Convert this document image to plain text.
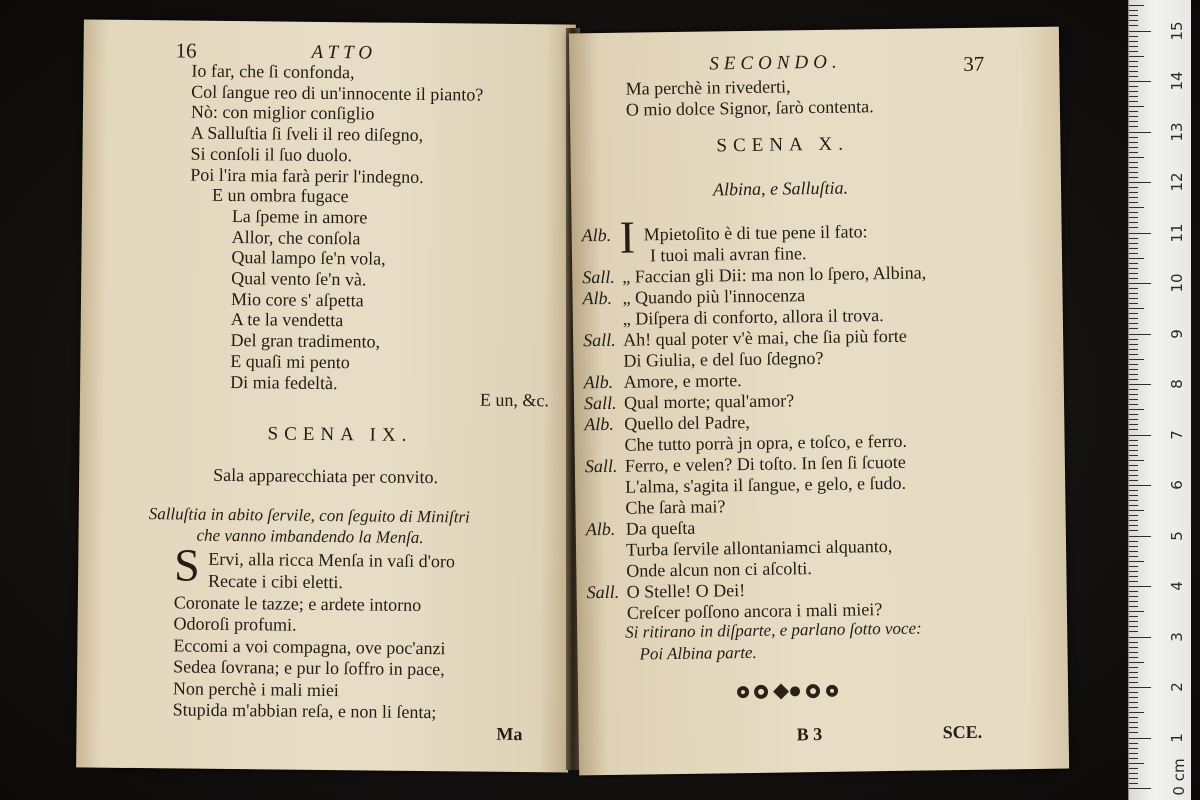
16	ATTO
Io far, che ſi confonda,
Col ſangue reo di un'innocente il pianto?
Nò: con miglior conſiglio
A Salluſtia ſi ſveli il reo diſegno,
Si conſoli il ſuo duolo.
Poi l'ira mia farà perir l'indegno.
E un ombra fugace
La ſpeme in amore
Allor, che conſola
Qual lampo ſe'n vola,
Qual vento ſe'n và.
Mio core s' aſpetta
A te la vendetta
Del gran tradimento,
E quaſi mi pento
Di mia fedeltà.
E un, &c.
SCENA IX.
Sala apparecchiata per convito.
Salluſtia in abito ſervile, con ſeguito di Miniſtri
che vanno imbandendo la Menſa.
S Ervi, alla ricca Menſa in vaſi d'oro
Recate i cibi eletti.
Coronate le tazze; e ardete intorno
Odoroſi profumi.
Eccomi a voi compagna, ove poc'anzi
Sedea ſovrana; e pur lo ſoffro in pace,
Non perchè i mali miei
Stupida m'abbian reſa, e non li ſenta;
Ma
SECONDO.	37
Ma perchè in rivederti,
O mio dolce Signor, ſarò contenta.
SCENA X.
Albina, e Salluſtia.
I
Alb. Mpietoſito è di tue pene il fato:
I tuoi mali avran fine.
Sall. „ Faccian gli Dii: ma non lo ſpero, Albina,
Alb. „ Quando più l'innocenza
„ Diſpera di conforto, allora il trova.
Sall. Ah! qual poter v'è mai, che ſia più forte
Di Giulia, e del ſuo ſdegno?
Alb. Amore, e morte.
Sall. Qual morte; qual'amor?
Alb. Quello del Padre,
Che tutto porrà jn opra, e toſco, e ferro.
Sall. Ferro, e velen? Di toſto. In ſen ſi ſcuote
L'alma, s'agita il ſangue, e gelo, e ſudo.
Che ſarà mai?
Alb. Da queſta
Turba ſervile allontaniamci alquanto,
Onde alcun non ci aſcolti.
Sall. O Stelle! O Dei!
Creſcer poſſono ancora i mali miei?
Si ritirano in diſparte, e parlano ſotto voce:
Poi Albina parte.
B 3	SCE.
0 cm
1
2
3
4
5
6
7
8
9
10
11
12
13
14
15
